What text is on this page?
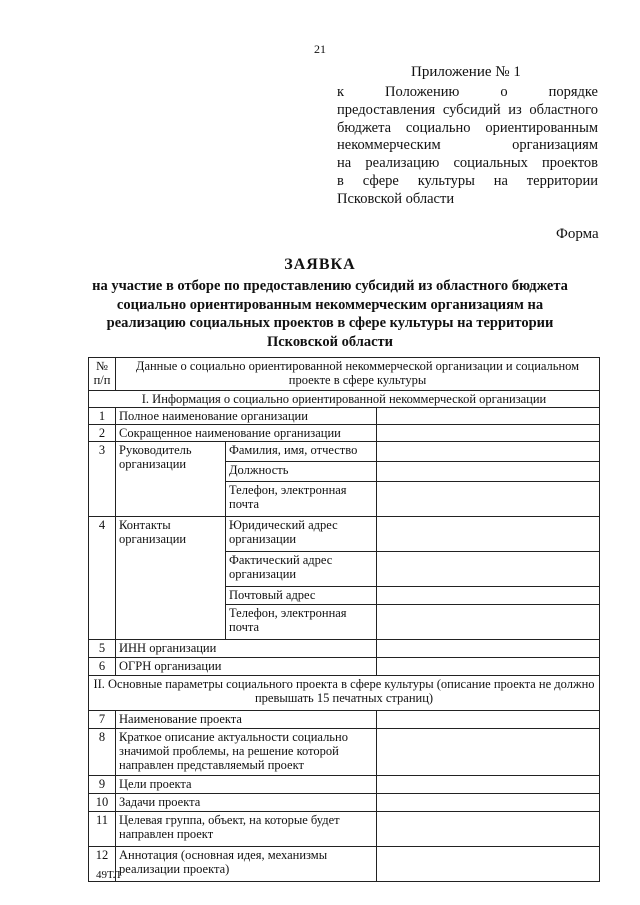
21
Приложение № 1
к Положению о порядке
предоставления субсидий из областного
бюджета социально ориентированным
некоммерческим организациям
на реализацию социальных проектов
в сфере культуры на территории
Псковской области
Форма
ЗАЯВКА
на участие в отборе по предоставлению субсидий из областного бюджета социально ориентированным некоммерческим организациям на реализацию социальных проектов в сфере культуры на территории Псковской области
№ п/п	Данные о социально ориентированной некоммерческой организации и социальном проекте в сфере культуры		
I. Информация о социально ориентированной некоммерческой организации			
1	Полное наименование организации		
2	Сокращенное наименование организации		
3	Руководитель организации	Фамилия, имя, отчество	
		Должность	
		Телефон, электронная почта	
4	Контакты организации	Юридический адрес организации	
		Фактический адрес организации	
		Почтовый адрес	
		Телефон, электронная почта	
5	ИНН организации		
6	ОГРН организации		
II. Основные параметры социального проекта в сфере культуры (описание проекта не должно превышать 15 печатных страниц)			
7	Наименование проекта		
8	Краткое описание актуальности социально значимой проблемы, на решение которой направлен представляемый проект		
9	Цели проекта		
10	Задачи проекта		
11	Целевая группа, объект, на которые будет направлен проект		
12	Аннотация (основная идея, механизмы реализации проекта)		
49ТЛ
